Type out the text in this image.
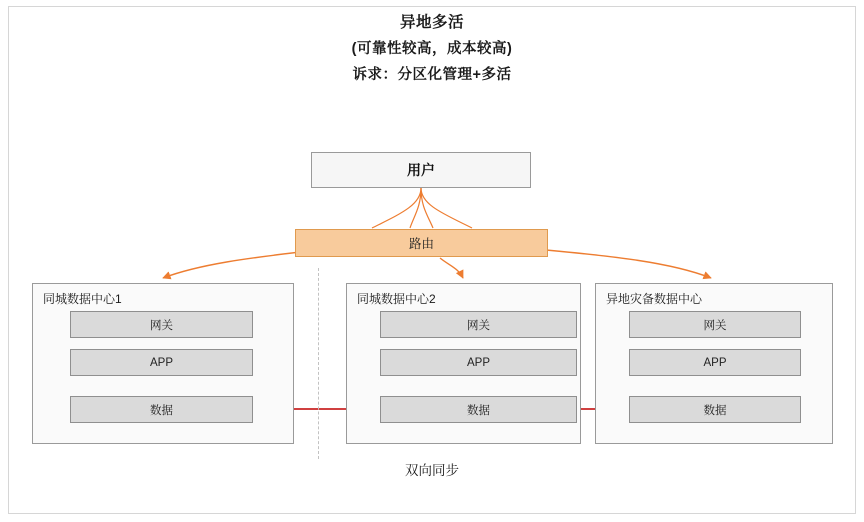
异地多活
(可靠性较高，成本较高)
诉求：分区化管理+多活
用户
路由
同城数据中心1
网关
APP
数据
同城数据中心2
网关
APP
数据
异地灾备数据中心
网关
APP
数据
双向同步
